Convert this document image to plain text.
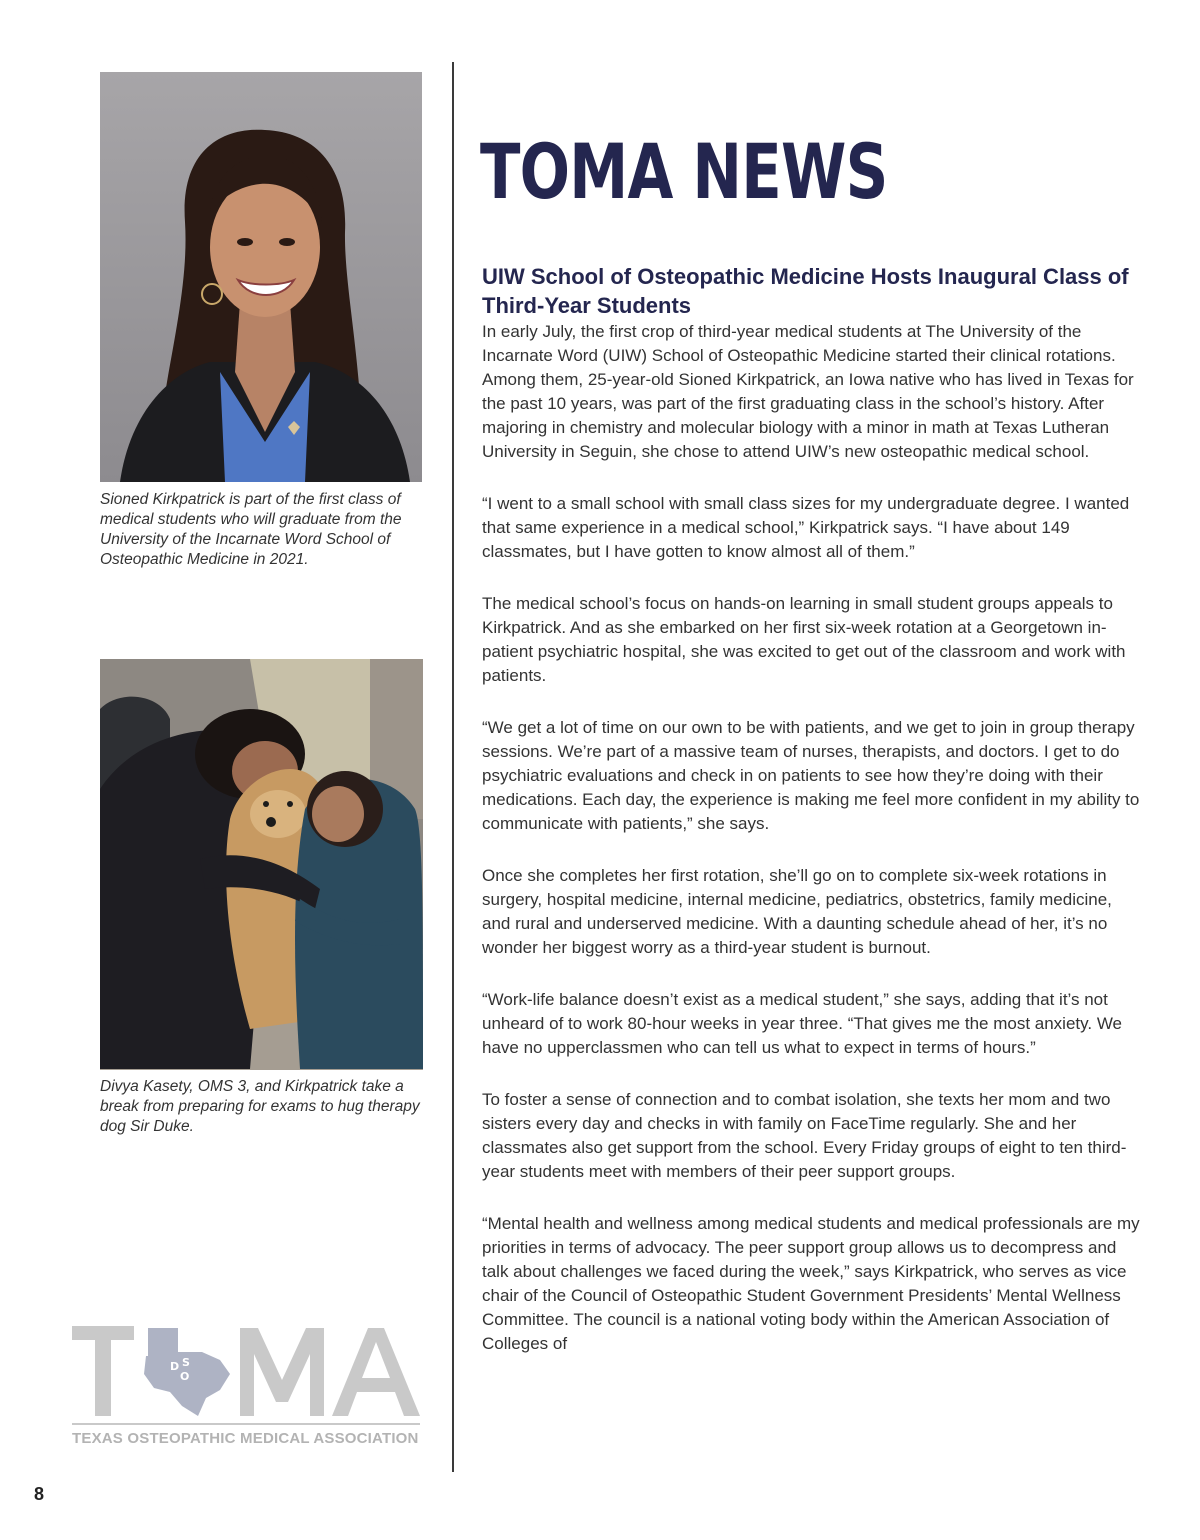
Sioned Kirkpatrick is part of the first class of medical students who will graduate from the University of the Incarnate Word School of Osteopathic Medicine in 2021.

Divya Kasety, OMS 3, and Kirkpatrick take a break from preparing for exams to hug therapy dog Sir Duke.

D S
O
TEXAS OSTEOPATHIC MEDICAL ASSOCIATION
8
TOMA NEWS
UIW School of Osteopathic Medicine Hosts Inaugural Class of Third-Year Students

In early July, the first crop of third-year medical students at The University of the Incarnate Word (UIW) School of Osteopathic Medicine started their clinical rotations. Among them, 25-year-old Sioned Kirkpatrick, an Iowa native who has lived in Texas for the past 10 years, was part of the first graduating class in the school’s history. After majoring in chemistry and molecular biology with a minor in math at Texas Lutheran University in Seguin, she chose to attend UIW’s new osteopathic medical school.

“I went to a small school with small class sizes for my undergraduate degree. I wanted that same experience in a medical school,” Kirkpatrick says. “I have about 149 classmates, but I have gotten to know almost all of them.”

The medical school’s focus on hands-on learning in small student groups appeals to Kirkpatrick. And as she embarked on her first six-week rotation at a Georgetown in-patient psychiatric hospital, she was excited to get out of the classroom and work with patients.

“We get a lot of time on our own to be with patients, and we get to join in group therapy sessions. We’re part of a massive team of nurses, therapists, and doctors. I get to do psychiatric evaluations and check in on patients to see how they’re doing with their medications. Each day, the experience is making me feel more confident in my ability to communicate with patients,” she says.

Once she completes her first rotation, she’ll go on to complete six-week rotations in surgery, hospital medicine, internal medicine, pediatrics, obstetrics, family medicine, and rural and underserved medicine. With a daunting schedule ahead of her, it’s no wonder her biggest worry as a third-year student is burnout.

“Work-life balance doesn’t exist as a medical student,” she says, adding that it’s not unheard of to work 80-hour weeks in year three. “That gives me the most anxiety. We have no upperclassmen who can tell us what to expect in terms of hours.”

To foster a sense of connection and to combat isolation, she texts her mom and two sisters every day and checks in with family on FaceTime regularly. She and her classmates also get support from the school. Every Friday groups of eight to ten third-year students meet with members of their peer support groups.

“Mental health and wellness among medical students and medical professionals are my priorities in terms of advocacy. The peer support group allows us to decompress and talk about challenges we faced during the week,” says Kirkpatrick, who serves as vice chair of the Council of Osteopathic Student Government Presidents’ Mental Wellness Committee. The council is a national voting body within the American Association of Colleges of
